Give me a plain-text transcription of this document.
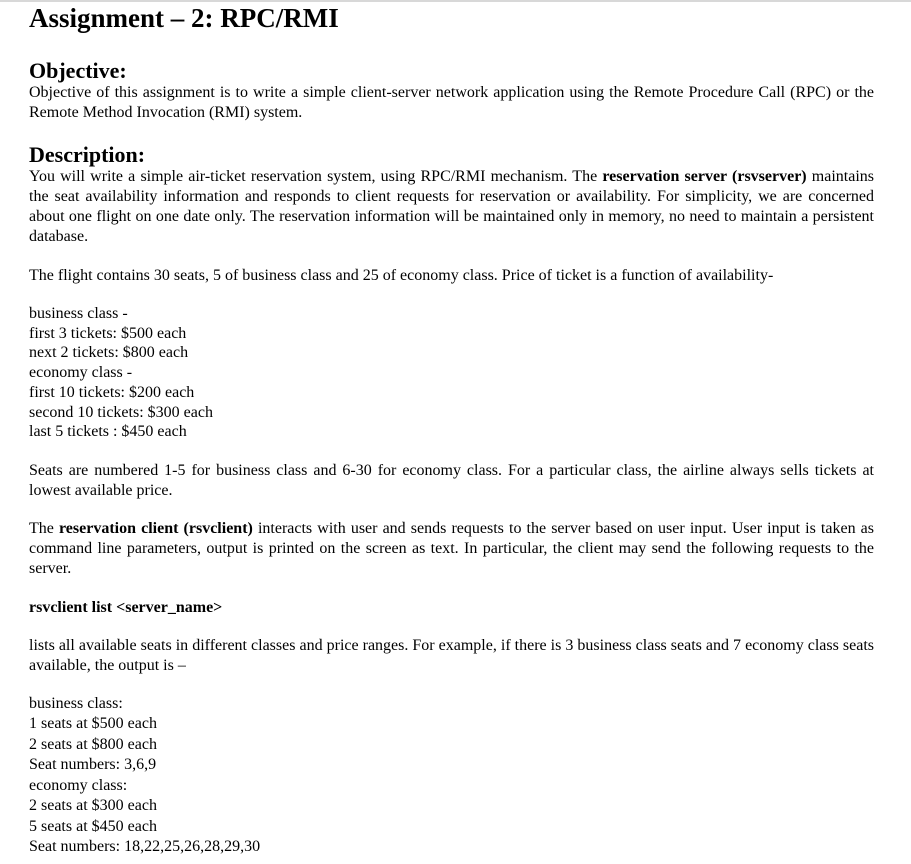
Assignment – 2: RPC/RMI
Objective:

Objective of this assignment is to write a simple client-server network application using the Remote Procedure Call (RPC) or the Remote Method Invocation (RMI) system.

Description:

You will write a simple air-ticket reservation system, using RPC/RMI mechanism. The reservation server (rsvserver) maintains the seat availability information and responds to client requests for reservation or availability. For simplicity, we are concerned about one flight on one date only. The reservation information will be maintained only in memory, no need to maintain a persistent database.

The flight contains 30 seats, 5 of business class and 25 of economy class. Price of ticket is a function of availability-

business class -
first 3 tickets: $500 each
next 2 tickets: $800 each
economy class -
first 10 tickets: $200 each
second 10 tickets: $300 each
last 5 tickets : $450 each

Seats are numbered 1-5 for business class and 6-30 for economy class. For a particular class, the airline always sells tickets at lowest available price.

The reservation client (rsvclient) interacts with user and sends requests to the server based on user input. User input is taken as command line parameters, output is printed on the screen as text. In particular, the client may send the following requests to the server.

rsvclient list <server_name>

lists all available seats in different classes and price ranges. For example, if there is 3 business class seats and 7 economy class seats available, the output is –

business class:
1 seats at $500 each
2 seats at $800 each
Seat numbers: 3,6,9
economy class:
2 seats at $300 each
5 seats at $450 each
Seat numbers: 18,22,25,26,28,29,30
